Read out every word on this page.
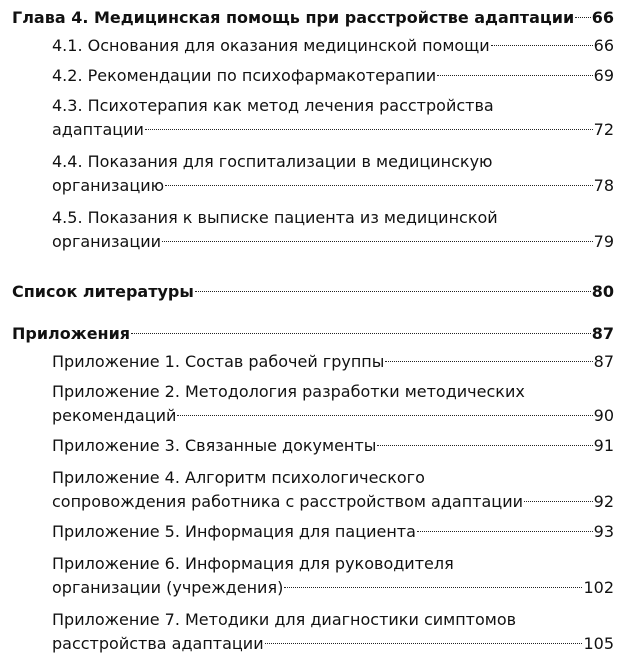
Глава 4. Медицинская помощь при расстройстве адаптации 66
4.1. Основания для оказания медицинской помощи	66
4.2. Рекомендации по психофармакотерапии	69
4.3. Психотерапия как метод лечения расстройства
адаптации	72
4.4. Показания для госпитализации в медицинскую
организацию	78
4.5. Показания к выписке пациента из медицинской
организации	79
Список литературы	80
Приложения	87
Приложение 1. Состав рабочей группы	87
Приложение 2. Методология разработки методических
рекомендаций	90
Приложение 3. Связанные документы	91
Приложение 4. Алгоритм психологического
сопровождения работника с расстройством адаптации	92
Приложение 5. Информация для пациента	93
Приложение 6. Информация для руководителя
организации (учреждения)	102
Приложение 7. Методики для диагностики симптомов
расстройства адаптации	105
